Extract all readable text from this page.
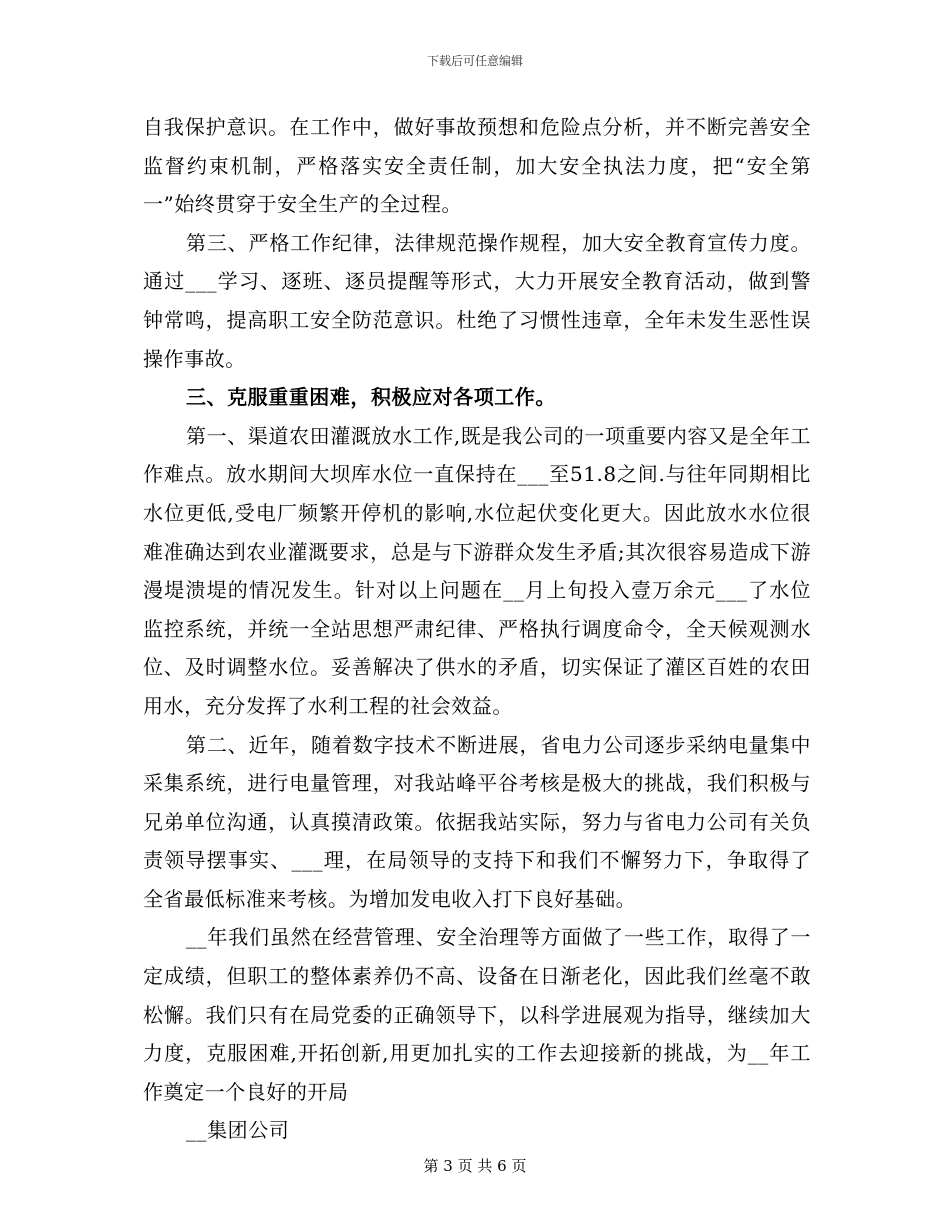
下载后可任意编辑

自我保护意识。在工作中，做好事故预想和危险点分析，并不断完善安全监督约束机制，严格落实安全责任制，加大安全执法力度，把“安全第一”始终贯穿于安全生产的全过程。

第三、严格工作纪律，法律规范操作规程，加大安全教育宣传力度。通过___学习、逐班、逐员提醒等形式，大力开展安全教育活动，做到警钟常鸣，提高职工安全防范意识。杜绝了习惯性违章，全年未发生恶性误操作事故。

三、克服重重困难，积极应对各项工作。

第一、渠道农田灌溉放水工作,既是我公司的一项重要内容又是全年工作难点。放水期间大坝库水位一直保持在___至51.8之间.与往年同期相比水位更低,受电厂频繁开停机的影响,水位起伏变化更大。因此放水水位很难准确达到农业灌溉要求，总是与下游群众发生矛盾;其次很容易造成下游漫堤溃堤的情况发生。针对以上问题在__月上旬投入壹万余元___了水位监控系统，并统一全站思想严肃纪律、严格执行调度命令，全天候观测水位、及时调整水位。妥善解决了供水的矛盾，切实保证了灌区百姓的农田用水，充分发挥了水利工程的社会效益。

第二、近年，随着数字技术不断进展，省电力公司逐步采纳电量集中采集系统，进行电量管理，对我站峰平谷考核是极大的挑战，我们积极与兄弟单位沟通，认真摸清政策。依据我站实际，努力与省电力公司有关负责领导摆事实、___理，在局领导的支持下和我们不懈努力下，争取得了全省最低标准来考核。为增加发电收入打下良好基础。

__年我们虽然在经营管理、安全治理等方面做了一些工作，取得了一定成绩，但职工的整体素养仍不高、设备在日渐老化，因此我们丝毫不敢松懈。我们只有在局党委的正确领导下，以科学进展观为指导，继续加大力度，克服困难,开拓创新,用更加扎实的工作去迎接新的挑战，为__年工作奠定一个良好的开局

__集团公司

第 3 页 共 6 页
